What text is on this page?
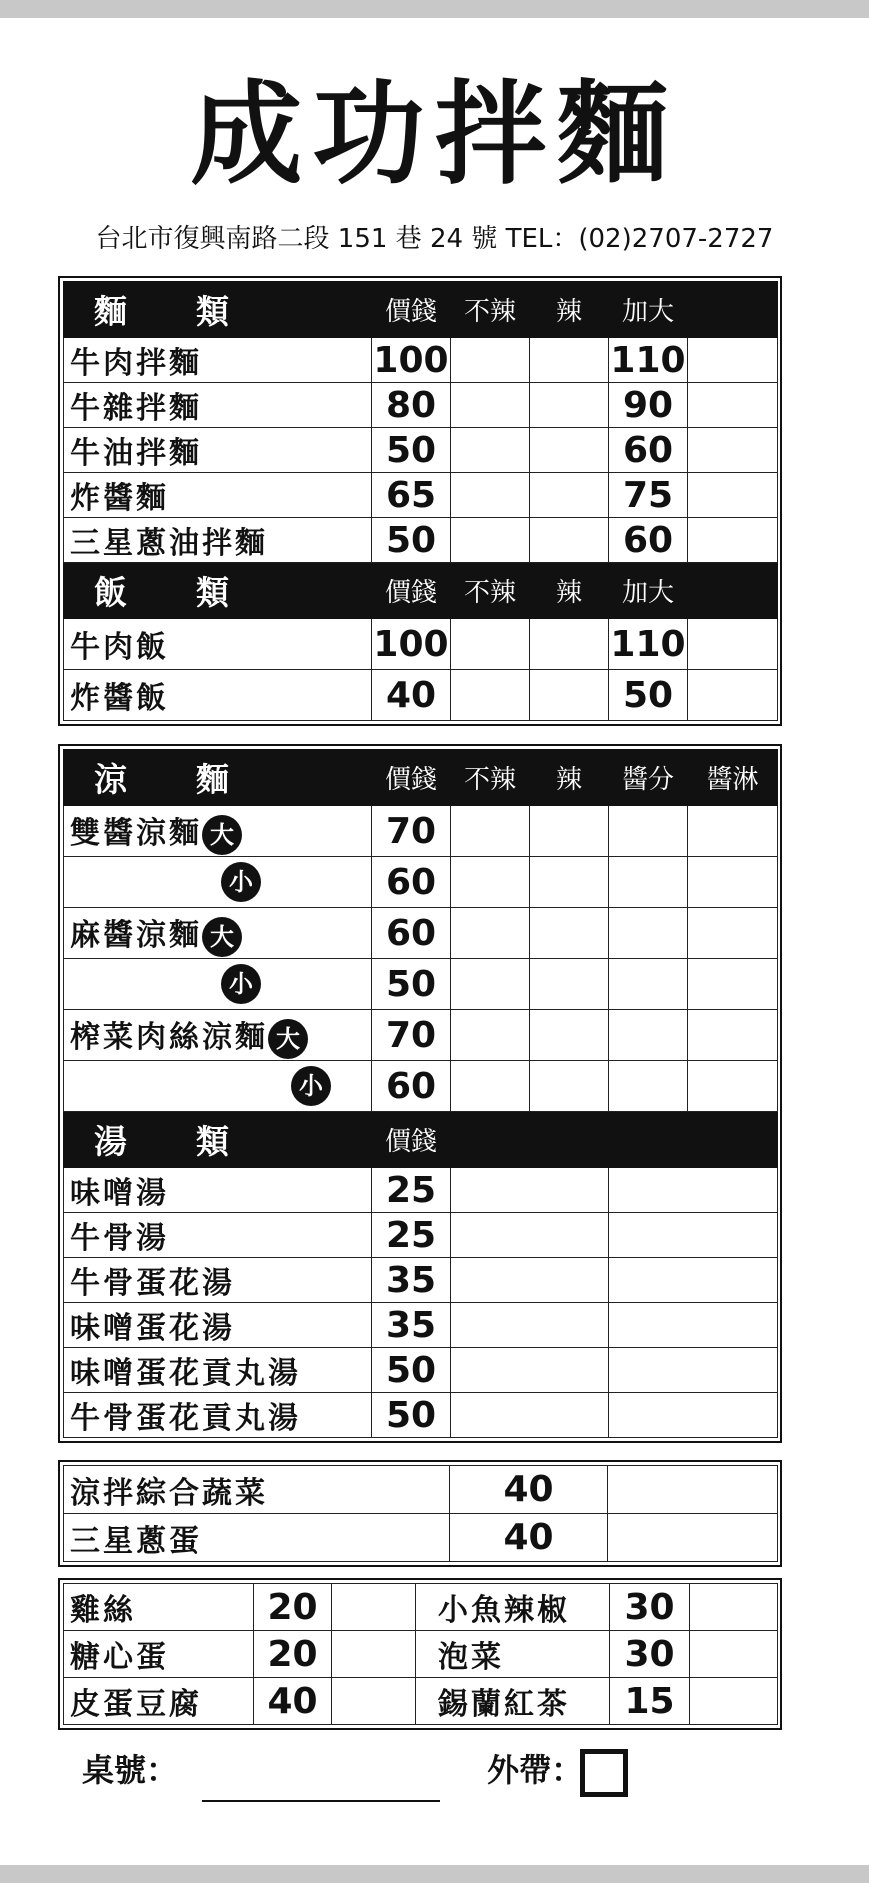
成功拌麵
台北市復興南路二段 151 巷 24 號 TEL：(02)2707-2727
麵　類	價錢	不辣	辣	加大	
牛肉拌麵	100			110	
牛雜拌麵	80			90	
牛油拌麵	50			60	
炸醬麵	65			75	
三星蔥油拌麵	50			60	
飯　類	價錢	不辣	辣	加大	
牛肉飯	100			110	
炸醬飯	40			50	
涼　麵	價錢	不辣	辣	醬分	醬淋
雙醬涼麵 大	70				
小	60				
麻醬涼麵 大	60				
小	50				
榨菜肉絲涼麵 大	70				
小	60				
湯　類	價錢				
味噌湯	25				
牛骨湯	25				
牛骨蛋花湯	35				
味噌蛋花湯	35				
味噌蛋花貢丸湯	50				
牛骨蛋花貢丸湯	50				
涼拌綜合蔬菜	40	
三星蔥蛋	40	
雞絲	20		小魚辣椒	30	
糖心蛋	20		泡菜	30	
皮蛋豆腐	40		錫蘭紅茶	15	
桌號：	外帶：
